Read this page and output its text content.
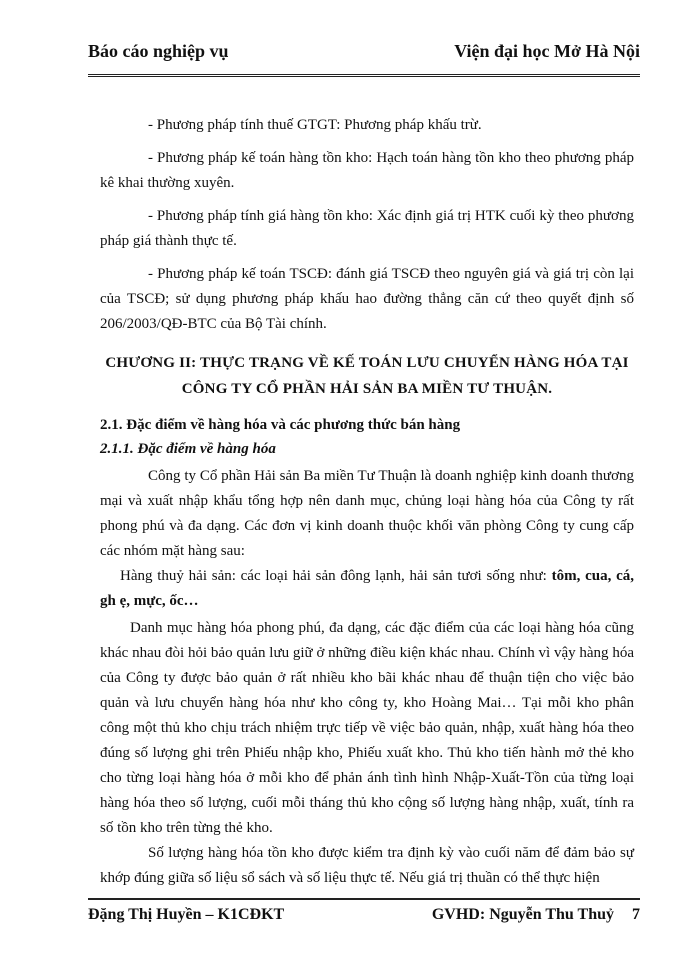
Báo cáo nghiệp vụ	Viện đại học Mở Hà Nội

- Phương pháp tính thuế GTGT: Phương pháp khấu trừ.

- Phương pháp kế toán hàng tồn kho: Hạch toán hàng tồn kho theo phương pháp kê khai thường xuyên.

- Phương pháp tính giá hàng tồn kho: Xác định giá trị HTK cuối kỳ theo phương pháp giá thành thực tế.

- Phương pháp kế toán TSCĐ: đánh giá TSCĐ theo nguyên giá và giá trị còn lại của TSCĐ; sử dụng phương pháp khấu hao đường thẳng căn cứ theo quyết định số 206/2003/QĐ-BTC của Bộ Tài chính.

CHƯƠNG II: THỰC TRẠNG VỀ KẾ TOÁN LƯU CHUYỂN HÀNG HÓA TẠI
CÔNG TY CỔ PHẦN HẢI SẢN BA MIỀN TƯ THUẬN.
2.1. Đặc điểm về hàng hóa và các phương thức bán hàng
2.1.1. Đặc điểm về hàng hóa

Công ty Cổ phần Hải sản Ba miền Tư Thuận là doanh nghiệp kinh doanh thương mại và xuất nhập khẩu tổng hợp nên danh mục, chủng loại hàng hóa của Công ty rất phong phú và đa dạng. Các đơn vị kinh doanh thuộc khối văn phòng Công ty cung cấp các nhóm mặt hàng sau:

Hàng thuỷ hải sản: các loại hải sản đông lạnh, hải sản tươi sống như: tôm, cua, cá, gh ẹ, mực, ốc…

Danh mục hàng hóa phong phú, đa dạng, các đặc điểm của các loại hàng hóa cũng khác nhau đòi hỏi bảo quản lưu giữ ở những điều kiện khác nhau. Chính vì vậy hàng hóa của Công ty được bảo quản ở rất nhiều kho bãi khác nhau để thuận tiện cho việc bảo quản và lưu chuyển hàng hóa như kho công ty, kho Hoàng Mai… Tại mỗi kho phân công một thủ kho chịu trách nhiệm trực tiếp về việc bảo quản, nhập, xuất hàng hóa theo đúng số lượng ghi trên Phiếu nhập kho, Phiếu xuất kho. Thủ kho tiến hành mở thẻ kho cho từng loại hàng hóa ở mỗi kho để phản ánh tình hình Nhập-Xuất-Tồn của từng loại hàng hóa theo số lượng, cuối mỗi tháng thủ kho cộng số lượng hàng nhập, xuất, tính ra số tồn kho trên từng thẻ kho.

Số lượng hàng hóa tồn kho được kiểm tra định kỳ vào cuối năm để đảm bảo sự khớp đúng giữa số liệu sổ sách và số liệu thực tế. Nếu giá trị thuần có thể thực hiện

Đặng Thị Huyền – K1CĐKT	GVHD: Nguyễn Thu Thuỷ 7
